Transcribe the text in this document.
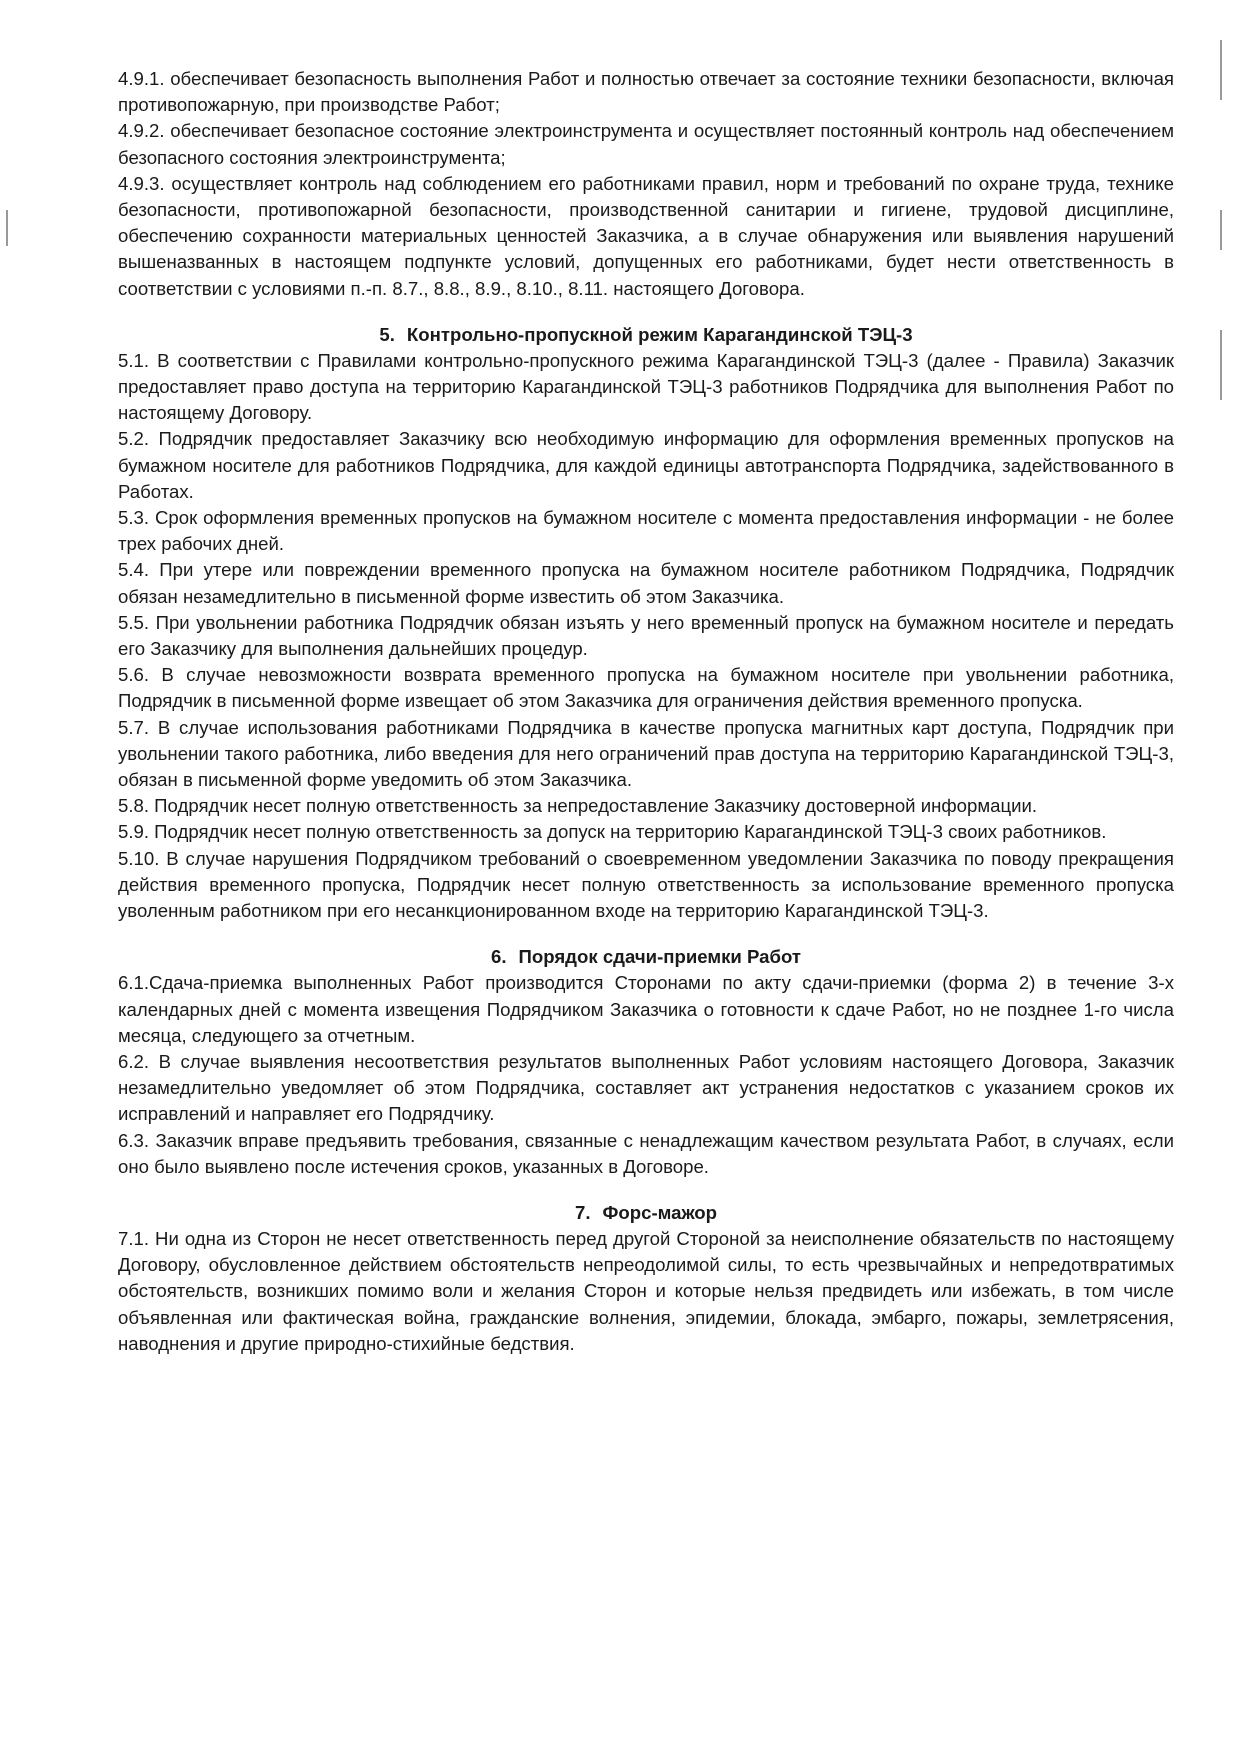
4.9.1. обеспечивает безопасность выполнения Работ и полностью отвечает за состояние техники безопасности, включая противопожарную, при производстве Работ;

4.9.2. обеспечивает безопасное состояние электроинструмента и осуществляет постоянный контроль над обеспечением безопасного состояния электроинструмента;

4.9.3. осуществляет контроль над соблюдением его работниками правил, норм и требований по охране труда, технике безопасности, противопожарной безопасности, производственной санитарии и гигиене, трудовой дисциплине, обеспечению сохранности материальных ценностей Заказчика, а в случае обнаружения или выявления нарушений вышеназванных в настоящем подпункте условий, допущенных его работниками, будет нести ответственность в соответствии с условиями п.-п. 8.7., 8.8., 8.9., 8.10., 8.11. настоящего Договора.

5. Контрольно-пропускной режим Карагандинской ТЭЦ-3

5.1. В соответствии с Правилами контрольно-пропускного режима Карагандинской ТЭЦ-3 (далее - Правила) Заказчик предоставляет право доступа на территорию Карагандинской ТЭЦ-3 работников Подрядчика для выполнения Работ по настоящему Договору.

5.2. Подрядчик предоставляет Заказчику всю необходимую информацию для оформления временных пропусков на бумажном носителе для работников Подрядчика, для каждой единицы автотранспорта Подрядчика, задействованного в Работах.

5.3. Срок оформления временных пропусков на бумажном носителе с момента предоставления информации - не более трех рабочих дней.

5.4. При утере или повреждении временного пропуска на бумажном носителе работником Подрядчика, Подрядчик обязан незамедлительно в письменной форме известить об этом Заказчика.

5.5. При увольнении работника Подрядчик обязан изъять у него временный пропуск на бумажном носителе и передать его Заказчику для выполнения дальнейших процедур.

5.6. В случае невозможности возврата временного пропуска на бумажном носителе при увольнении работника, Подрядчик в письменной форме извещает об этом Заказчика для ограничения действия временного пропуска.

5.7. В случае использования работниками Подрядчика в качестве пропуска магнитных карт доступа, Подрядчик при увольнении такого работника, либо введения для него ограничений прав доступа на территорию Карагандинской ТЭЦ-3, обязан в письменной форме уведомить об этом Заказчика.

5.8. Подрядчик несет полную ответственность за непредоставление Заказчику достоверной информации.

5.9. Подрядчик несет полную ответственность за допуск на территорию Карагандинской ТЭЦ-3 своих работников.

5.10. В случае нарушения Подрядчиком требований о своевременном уведомлении Заказчика по поводу прекращения действия временного пропуска, Подрядчик несет полную ответственность за использование временного пропуска уволенным работником при его несанкционированном входе на территорию Карагандинской ТЭЦ-3.

6. Порядок сдачи-приемки Работ

6.1.Сдача-приемка выполненных Работ производится Сторонами по акту сдачи-приемки (форма 2) в течение 3-х календарных дней с момента извещения Подрядчиком Заказчика о готовности к сдаче Работ, но не позднее 1-го числа месяца, следующего за отчетным.

6.2. В случае выявления несоответствия результатов выполненных Работ условиям настоящего Договора, Заказчик незамедлительно уведомляет об этом Подрядчика, составляет акт устранения недостатков с указанием сроков их исправлений и направляет его Подрядчику.

6.3. Заказчик вправе предъявить требования, связанные с ненадлежащим качеством результата Работ, в случаях, если оно было выявлено после истечения сроков, указанных в Договоре.

7. Форс-мажор

7.1. Ни одна из Сторон не несет ответственность перед другой Стороной за неисполнение обязательств по настоящему Договору, обусловленное действием обстоятельств непреодолимой силы, то есть чрезвычайных и непредотвратимых обстоятельств, возникших помимо воли и желания Сторон и которые нельзя предвидеть или избежать, в том числе объявленная или фактическая война, гражданские волнения, эпидемии, блокада, эмбарго, пожары, землетрясения, наводнения и другие природно-стихийные бедствия.
